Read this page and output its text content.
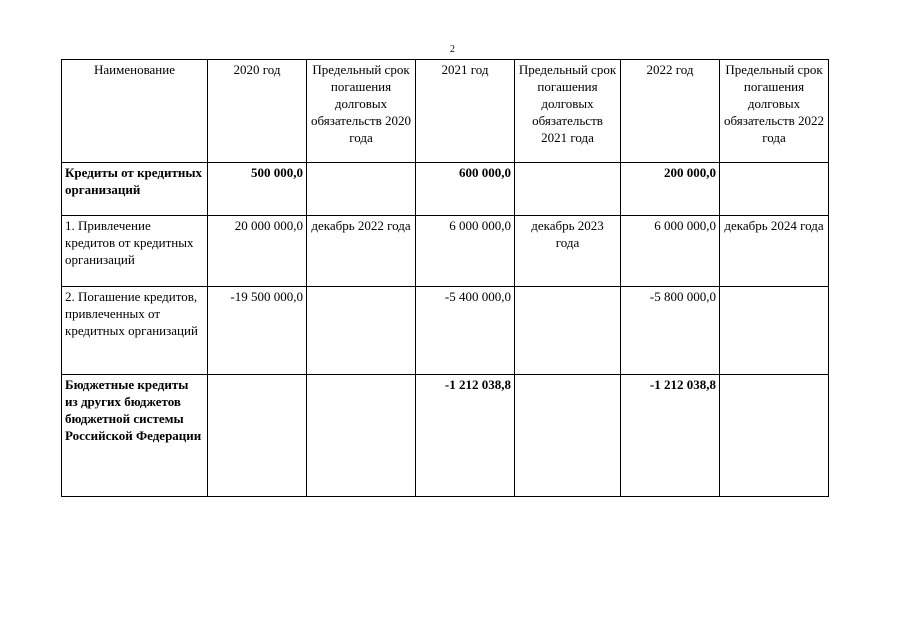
2
Наименование	2020 год	Предельный срок погашения долговых обязательств 2020 года	2021 год	Предельный срок погашения долговых обязательств 2021 года	2022 год	Предельный срок погашения долговых обязательств 2022 года
Кредиты от кредитных организаций	500 000,0		600 000,0		200 000,0	
1. Привлечение кредитов от кредитных организаций	20 000 000,0	декабрь 2022 года	6 000 000,0	декабрь 2023 года	6 000 000,0	декабрь 2024 года
2. Погашение кредитов, привлеченных от кредитных организаций	-19 500 000,0		-5 400 000,0		-5 800 000,0	
Бюджетные кредиты из других бюджетов бюджетной системы Российской Федерации			-1 212 038,8		-1 212 038,8	
